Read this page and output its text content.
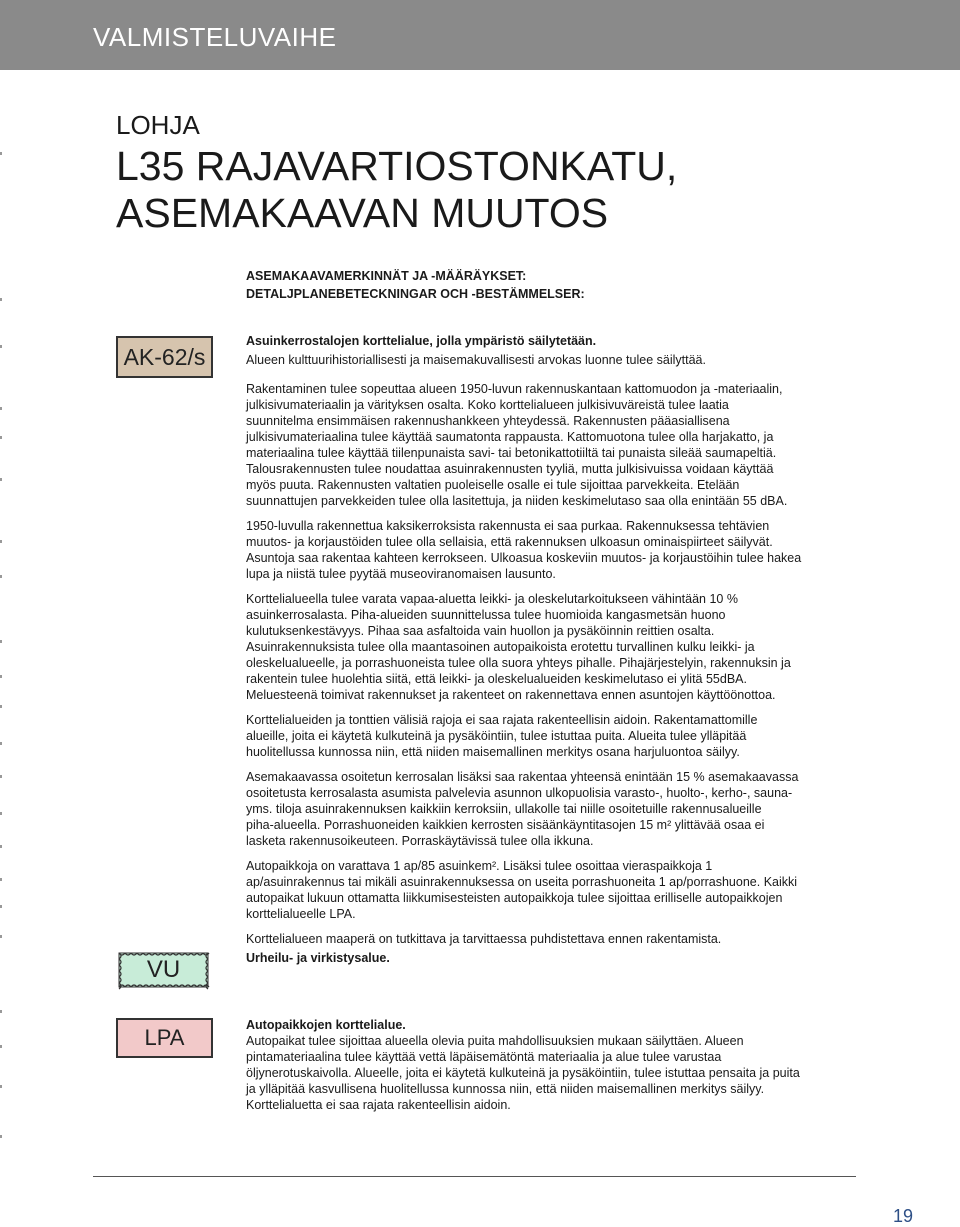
VALMISTELUVAIHE
LOHJA
L35 RAJAVARTIOSTONKATU,
ASEMAKAAVAN MUUTOS
ASEMAKAAVAMERKINNÄT JA -MÄÄRÄYKSET:
DETALJPLANEBETECKNINGAR OCH -BESTÄMMELSER:
AK-62/s

Asuinkerrostalojen korttelialue, jolla ympäristö säilytetään.

Alueen kulttuurihistoriallisesti ja maisemakuvallisesti arvokas luonne tulee säilyttää.

Rakentaminen tulee sopeuttaa alueen 1950-luvun rakennuskantaan kattomuodon ja -materiaalin,
julkisivumateriaalin ja värityksen osalta. Koko korttelialueen julkisivuväreistä tulee laatia
suunnitelma ensimmäisen rakennushankkeen yhteydessä. Rakennusten pääasiallisena
julkisivumateriaalina tulee käyttää saumatonta rappausta. Kattomuotona tulee olla harjakatto, ja
materiaalina tulee käyttää tiilenpunaista savi- tai betonikattotiiltä tai punaista sileää saumapeltiä.
Talousrakennusten tulee noudattaa asuinrakennusten tyyliä, mutta julkisivuissa voidaan käyttää
myös puuta. Rakennusten valtatien puoleiselle osalle ei tule sijoittaa parvekkeita. Etelään
suunnattujen parvekkeiden tulee olla lasitettuja, ja niiden keskimelutaso saa olla enintään 55 dBA.

1950-luvulla rakennettua kaksikerroksista rakennusta ei saa purkaa. Rakennuksessa tehtävien
muutos- ja korjaustöiden tulee olla sellaisia, että rakennuksen ulkoasun ominaispiirteet säilyvät.
Asuntoja saa rakentaa kahteen kerrokseen. Ulkoasua koskeviin muutos- ja korjaustöihin tulee hakea
lupa ja niistä tulee pyytää museoviranomaisen lausunto.

Korttelialueella tulee varata vapaa-aluetta leikki- ja oleskelutarkoitukseen vähintään 10 %
asuinkerrosalasta. Piha-alueiden suunnittelussa tulee huomioida kangasmetsän huono
kulutuksenkestävyys. Pihaa saa asfaltoida vain huollon ja pysäköinnin reittien osalta.
Asuinrakennuksista tulee olla maantasoinen autopaikoista erotettu turvallinen kulku leikki- ja
oleskelualueelle, ja porrashuoneista tulee olla suora yhteys pihalle. Pihajärjestelyin, rakennuksin ja
rakentein tulee huolehtia siitä, että leikki- ja oleskelualueiden keskimelutaso ei ylitä 55dBA.
Meluesteenä toimivat rakennukset ja rakenteet on rakennettava ennen asuntojen käyttöönottoa.

Korttelialueiden ja tonttien välisiä rajoja ei saa rajata rakenteellisin aidoin. Rakentamattomille
alueille, joita ei käytetä kulkuteinä ja pysäköintiin, tulee istuttaa puita. Alueita tulee ylläpitää
huolitellussa kunnossa niin, että niiden maisemallinen merkitys osana harjuluontoa säilyy.

Asemakaavassa osoitetun kerrosalan lisäksi saa rakentaa yhteensä enintään 15 % asemakaavassa
osoitetusta kerrosalasta asumista palvelevia asunnon ulkopuolisia varasto-, huolto-, kerho-, sauna-
yms. tiloja asuinrakennuksen kaikkiin kerroksiin, ullakolle tai niille osoitetuille rakennusalueille
piha-alueella. Porrashuoneiden kaikkien kerrosten sisäänkäyntitasojen 15 m² ylittävää osaa ei
lasketa rakennusoikeuteen. Porraskäytävissä tulee olla ikkuna.

Autopaikkoja on varattava 1 ap/85 asuinkem². Lisäksi tulee osoittaa vieraspaikkoja 1
ap/asuinrakennus tai mikäli asuinrakennuksessa on useita porrashuoneita 1 ap/porrashuone. Kaikki
autopaikat lukuun ottamatta liikkumisesteisten autopaikkoja tulee sijoittaa erilliselle autopaikkojen
korttelialueelle LPA.

Korttelialueen maaperä on tutkittava ja tarvittaessa puhdistettava ennen rakentamista.

VU	Urheilu- ja virkistysalue.

LPA	Autopaikkojen korttelialue.

Autopaikat tulee sijoittaa alueella olevia puita mahdollisuuksien mukaan säilyttäen. Alueen
pintamateriaalina tulee käyttää vettä läpäisemätöntä materiaalia ja alue tulee varustaa
öljynerotuskaivolla. Alueelle, joita ei käytetä kulkuteinä ja pysäköintiin, tulee istuttaa pensaita ja puita
ja ylläpitää kasvullisena huolitellussa kunnossa niin, että niiden maisemallinen merkitys säilyy.
Korttelialuetta ei saa rajata rakenteellisin aidoin.
19
